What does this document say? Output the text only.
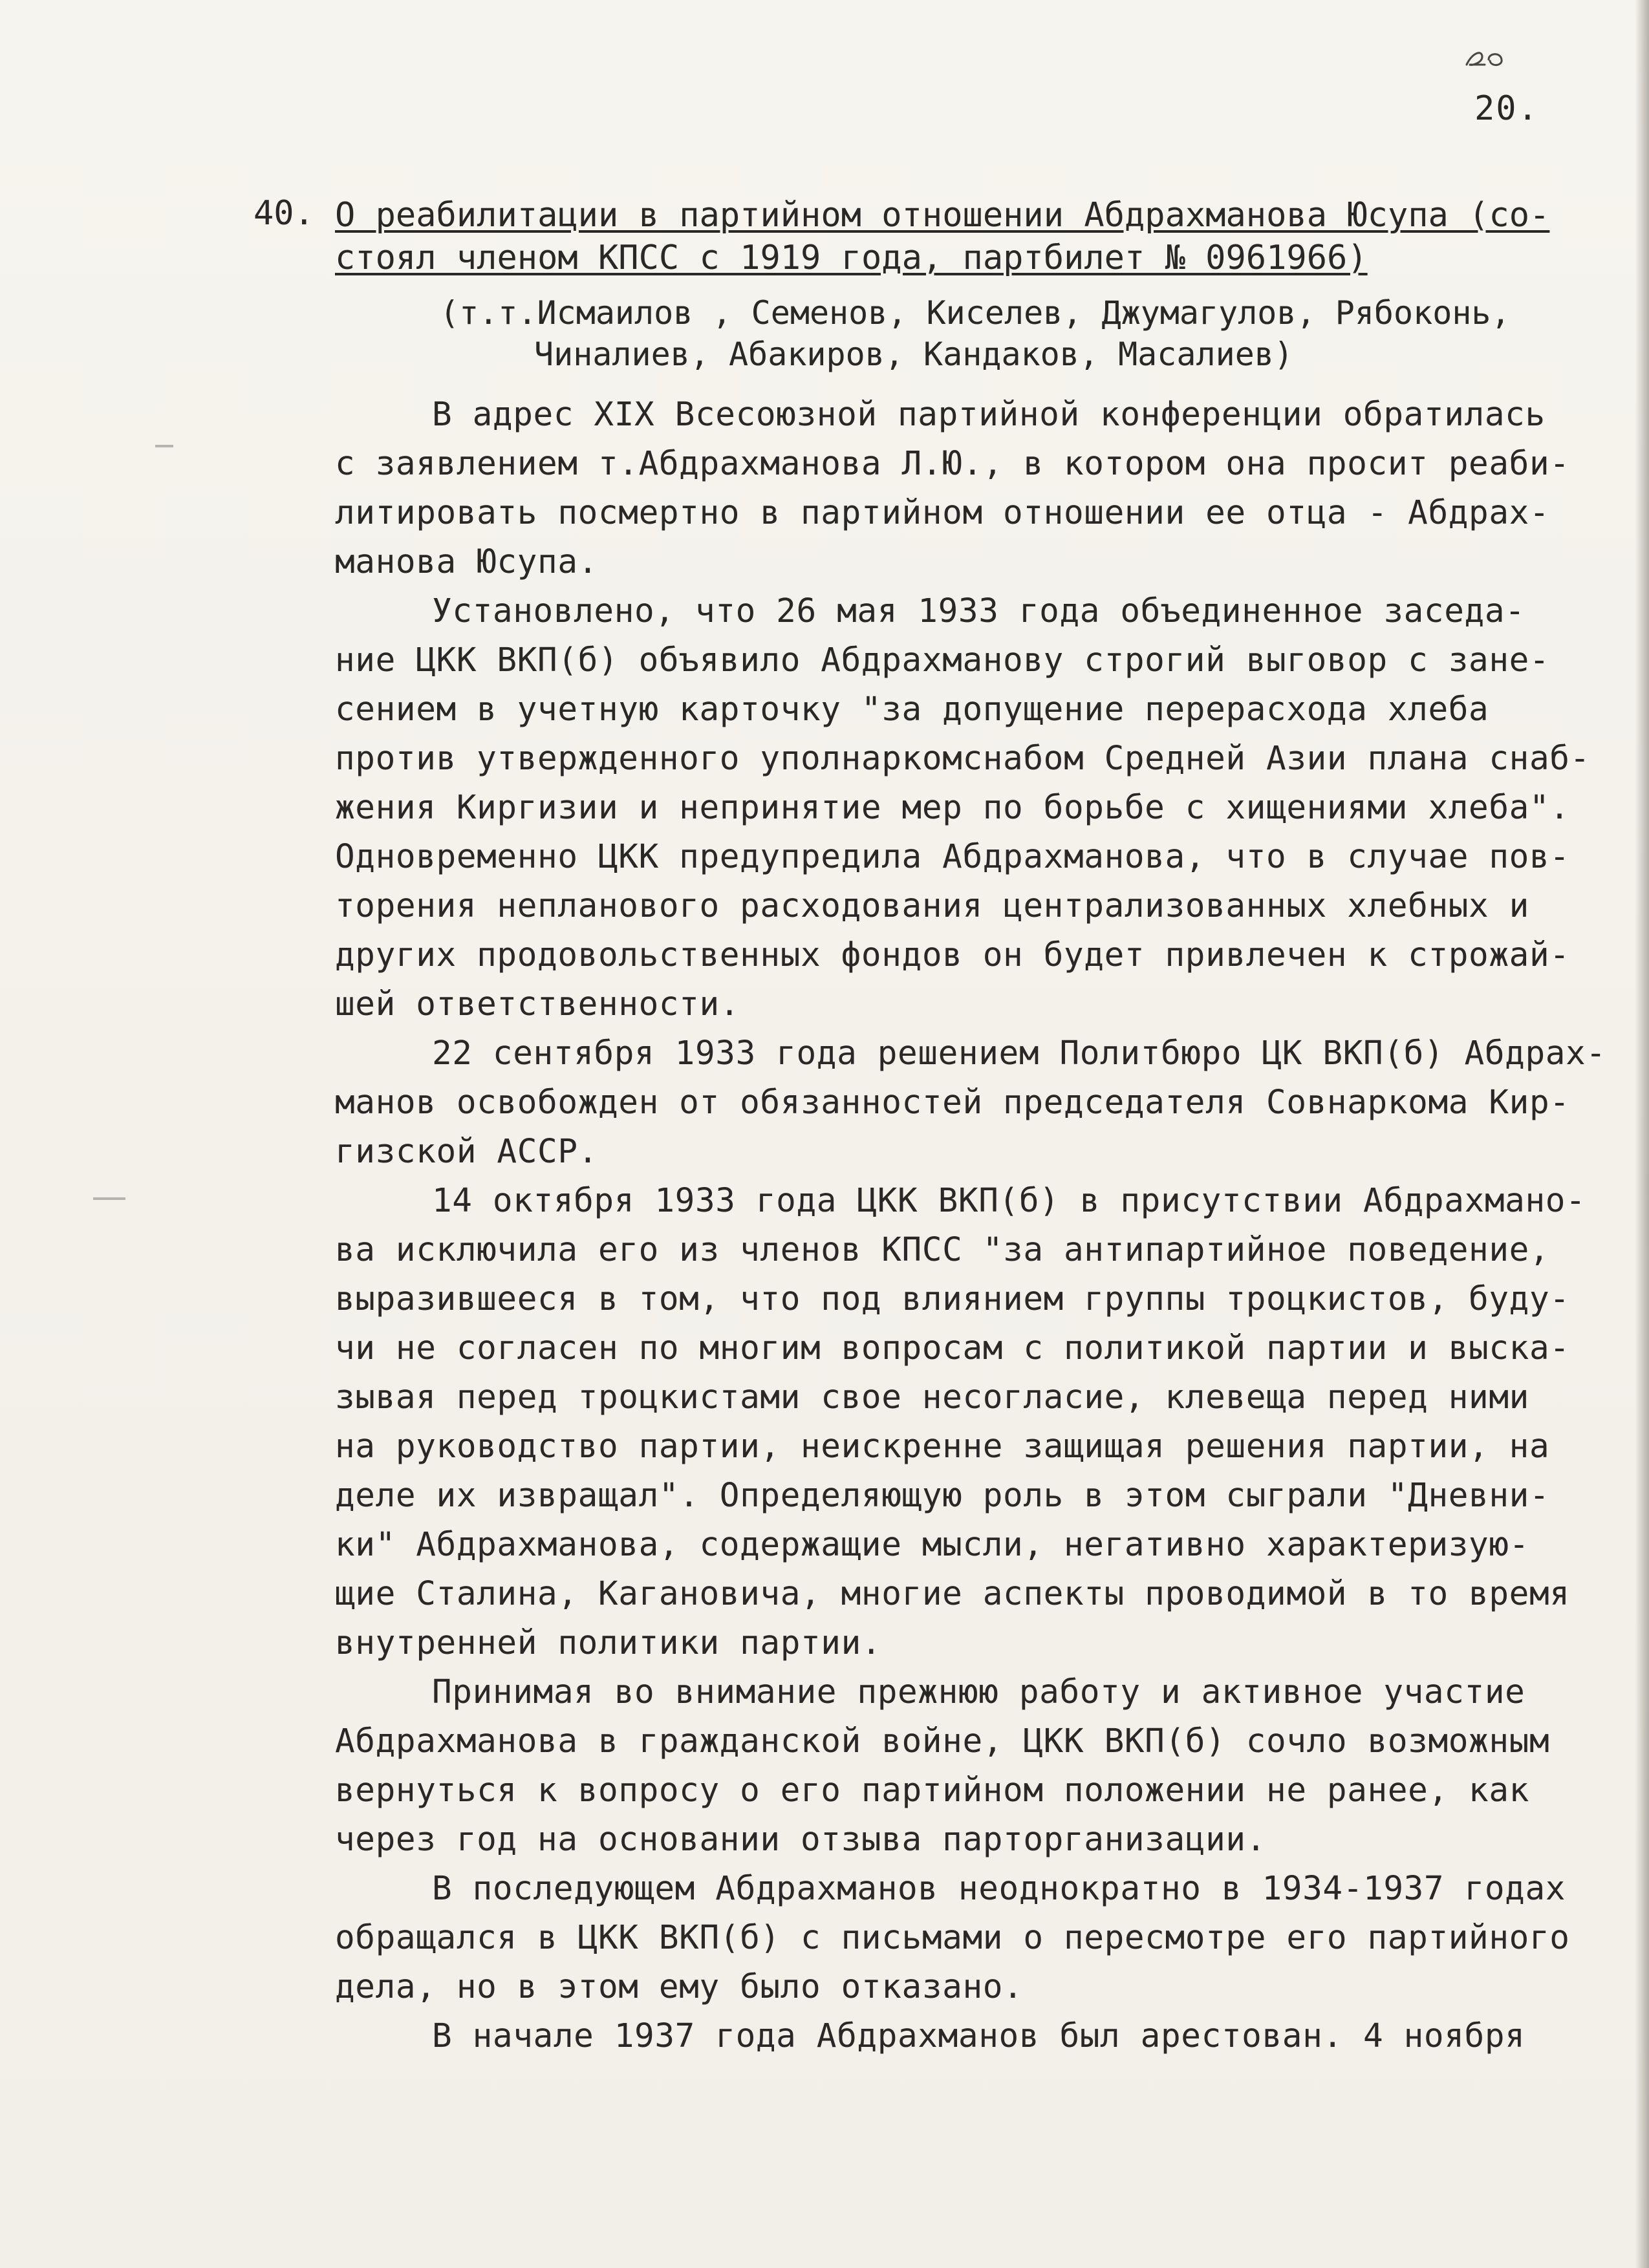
20.
40. О реабилитации в партийном отношении Абдрахманова Юсупа (со-
стоял членом КПСС с 1919 года, партбилет № 0961966)
(т.т.Исмаилов , Семенов, Киселев, Джумагулов, Рябоконь,
Чиналиев, Абакиров, Кандаков, Масалиев)
В адрес XIX Всесоюзной партийной конференции обратилась
с заявлением т.Абдрахманова Л.Ю., в котором она просит реаби-
литировать посмертно в партийном отношении ее отца - Абдрах-
манова Юсупа.
Установлено, что 26 мая 1933 года объединенное заседа-
ние ЦКК ВКП(б) объявило Абдрахманову строгий выговор с зане-
сением в учетную карточку "за допущение перерасхода хлеба
против утвержденного уполнаркомснабом Средней Азии плана снаб-
жения Киргизии и непринятие мер по борьбе с хищениями хлеба".
Одновременно ЦКК предупредила Абдрахманова, что в случае пов-
торения непланового расходования централизованных хлебных и
других продовольственных фондов он будет привлечен к строжай-
шей ответственности.
22 сентября 1933 года решением Политбюро ЦК ВКП(б) Абдрах-
манов освобожден от обязанностей председателя Совнаркома Кир-
гизской АССР.
14 октября 1933 года ЦКК ВКП(б) в присутствии Абдрахмано-
ва исключила его из членов КПСС "за антипартийное поведение,
выразившееся в том, что под влиянием группы троцкистов, буду-
чи не согласен по многим вопросам с политикой партии и выска-
зывая перед троцкистами свое несогласие, клевеща перед ними
на руководство партии, неискренне защищая решения партии, на
деле их извращал". Определяющую роль в этом сыграли "Дневни-
ки" Абдрахманова, содержащие мысли, негативно характеризую-
щие Сталина, Кагановича, многие аспекты проводимой в то время
внутренней политики партии.
Принимая во внимание прежнюю работу и активное участие
Абдрахманова в гражданской войне, ЦКК ВКП(б) сочло возможным
вернуться к вопросу о его партийном положении не ранее, как
через год на основании отзыва парторганизации.
В последующем Абдрахманов неоднократно в 1934-1937 годах
обращался в ЦКК ВКП(б) с письмами о пересмотре его партийного
дела, но в этом ему было отказано.
В начале 1937 года Абдрахманов был арестован. 4 ноября
